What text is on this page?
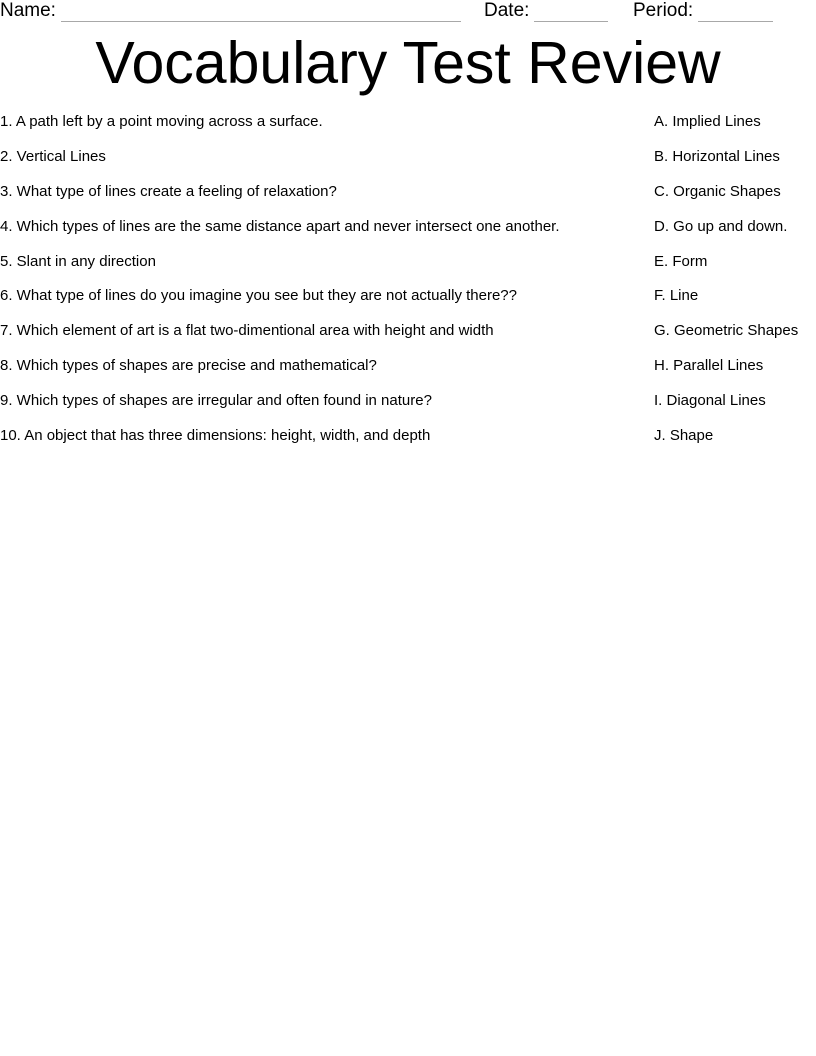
Name:	Date:	Period:
Vocabulary Test Review
1. A path left by a point moving across a surface.
2. Vertical Lines
3. What type of lines create a feeling of relaxation?
4. Which types of lines are the same distance apart and never intersect one another.
5. Slant in any direction
6. What type of lines do you imagine you see but they are not actually there??
7. Which element of art is a flat two-dimentional area with height and width
8. Which types of shapes are precise and mathematical?
9. Which types of shapes are irregular and often found in nature?
10. An object that has three dimensions: height, width, and depth
A. Implied Lines
B. Horizontal Lines
C. Organic Shapes
D. Go up and down.
E. Form
F. Line
G. Geometric Shapes
H. Parallel Lines
I. Diagonal Lines
J. Shape
